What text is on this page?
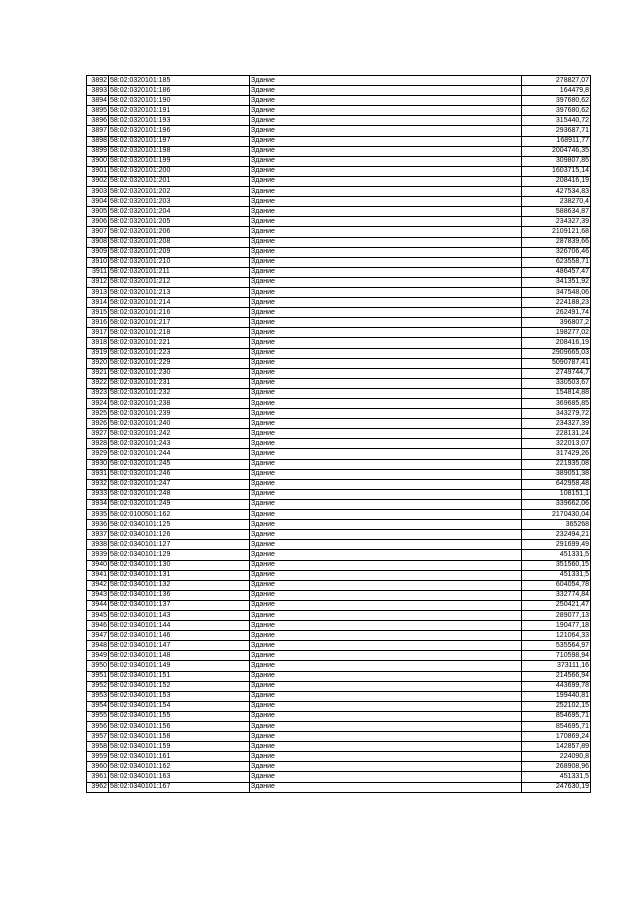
3892	58:02:0320101:185	Здание	278827,07
3893	58:02:0320101:186	Здание	164479,8
3894	58:02:0320101:190	Здание	397680,62
3895	58:02:0320101:191	Здание	397680,62
3896	58:02:0320101:193	Здание	315440,72
3897	58:02:0320101:196	Здание	293687,71
3898	58:02:0320101:197	Здание	168911,77
3899	58:02:0320101:198	Здание	2004746,35
3900	58:02:0320101:199	Здание	309807,85
3901	58:02:0320101:200	Здание	1603715,14
3902	58:02:0320101:201	Здание	208416,19
3903	58:02:0320101:202	Здание	427534,83
3904	58:02:0320101:203	Здание	238270,4
3905	58:02:0320101:204	Здание	588634,87
3906	58:02:0320101:205	Здание	234327,39
3907	58:02:0320101:206	Здание	2109121,68
3908	58:02:0320101:208	Здание	287839,66
3909	58:02:0320101:209	Здание	326706,46
3910	58:02:0320101:210	Здание	623558,71
3911	58:02:0320101:211	Здание	486457,47
3912	58:02:0320101:212	Здание	341351,92
3913	58:02:0320101:213	Здание	347548,06
3914	58:02:0320101:214	Здание	224188,23
3915	58:02:0320101:216	Здание	262491,74
3916	58:02:0320101:217	Здание	396807,2
3917	58:02:0320101:218	Здание	198277,02
3918	58:02:0320101:221	Здание	208416,19
3919	58:02:0320101:223	Здание	2909665,03
3920	58:02:0320101:229	Здание	5090787,41
3921	58:02:0320101:230	Здание	2749744,7
3922	58:02:0320101:231	Здание	330503,67
3923	58:02:0320101:232	Здание	154814,88
3924	58:02:0320101:238	Здание	369685,85
3925	58:02:0320101:239	Здание	343279,72
3926	58:02:0320101:240	Здание	234327,39
3927	58:02:0320101:242	Здание	228131,24
3928	58:02:0320101:243	Здание	322013,07
3929	58:02:0320101:244	Здание	317429,26
3930	58:02:0320101:245	Здание	221935,08
3931	58:02:0320101:246	Здание	389051,38
3932	58:02:0320101:247	Здание	642958,48
3933	58:02:0320101:248	Здание	108151,1
3934	58:02:0320101:249	Здание	339662,06
3935	58:02:0100501:162	Здание	2170430,04
3936	58:02:0340101:125	Здание	365268
3937	58:02:0340101:126	Здание	232494,21
3938	58:02:0340101:127	Здание	291699,49
3939	58:02:0340101:129	Здание	451331,5
3940	58:02:0340101:130	Здание	351560,15
3941	58:02:0340101:131	Здание	451331,5
3942	58:02:0340101:132	Здание	604054,78
3943	58:02:0340101:136	Здание	332774,84
3944	58:02:0340101:137	Здание	250421,47
3945	58:02:0340101:143	Здание	289077,13
3946	58:02:0340101:144	Здание	190477,18
3947	58:02:0340101:146	Здание	121064,33
3948	58:02:0340101:147	Здание	535564,97
3949	58:02:0340101:148	Здание	710598,94
3950	58:02:0340101:149	Здание	373111,16
3951	58:02:0340101:151	Здание	214566,94
3952	58:02:0340101:152	Здание	443699,78
3953	58:02:0340101:153	Здание	199440,81
3954	58:02:0340101:154	Здание	252102,15
3955	58:02:0340101:155	Здание	854695,71
3956	58:02:0340101:156	Здание	854695,71
3957	58:02:0340101:158	Здание	170869,24
3958	58:02:0340101:159	Здание	142857,89
3959	58:02:0340101:161	Здание	224090,8
3960	58:02:0340101:162	Здание	268908,96
3961	58:02:0340101:163	Здание	451331,5
3962	58:02:0340101:167	Здание	247630,19
